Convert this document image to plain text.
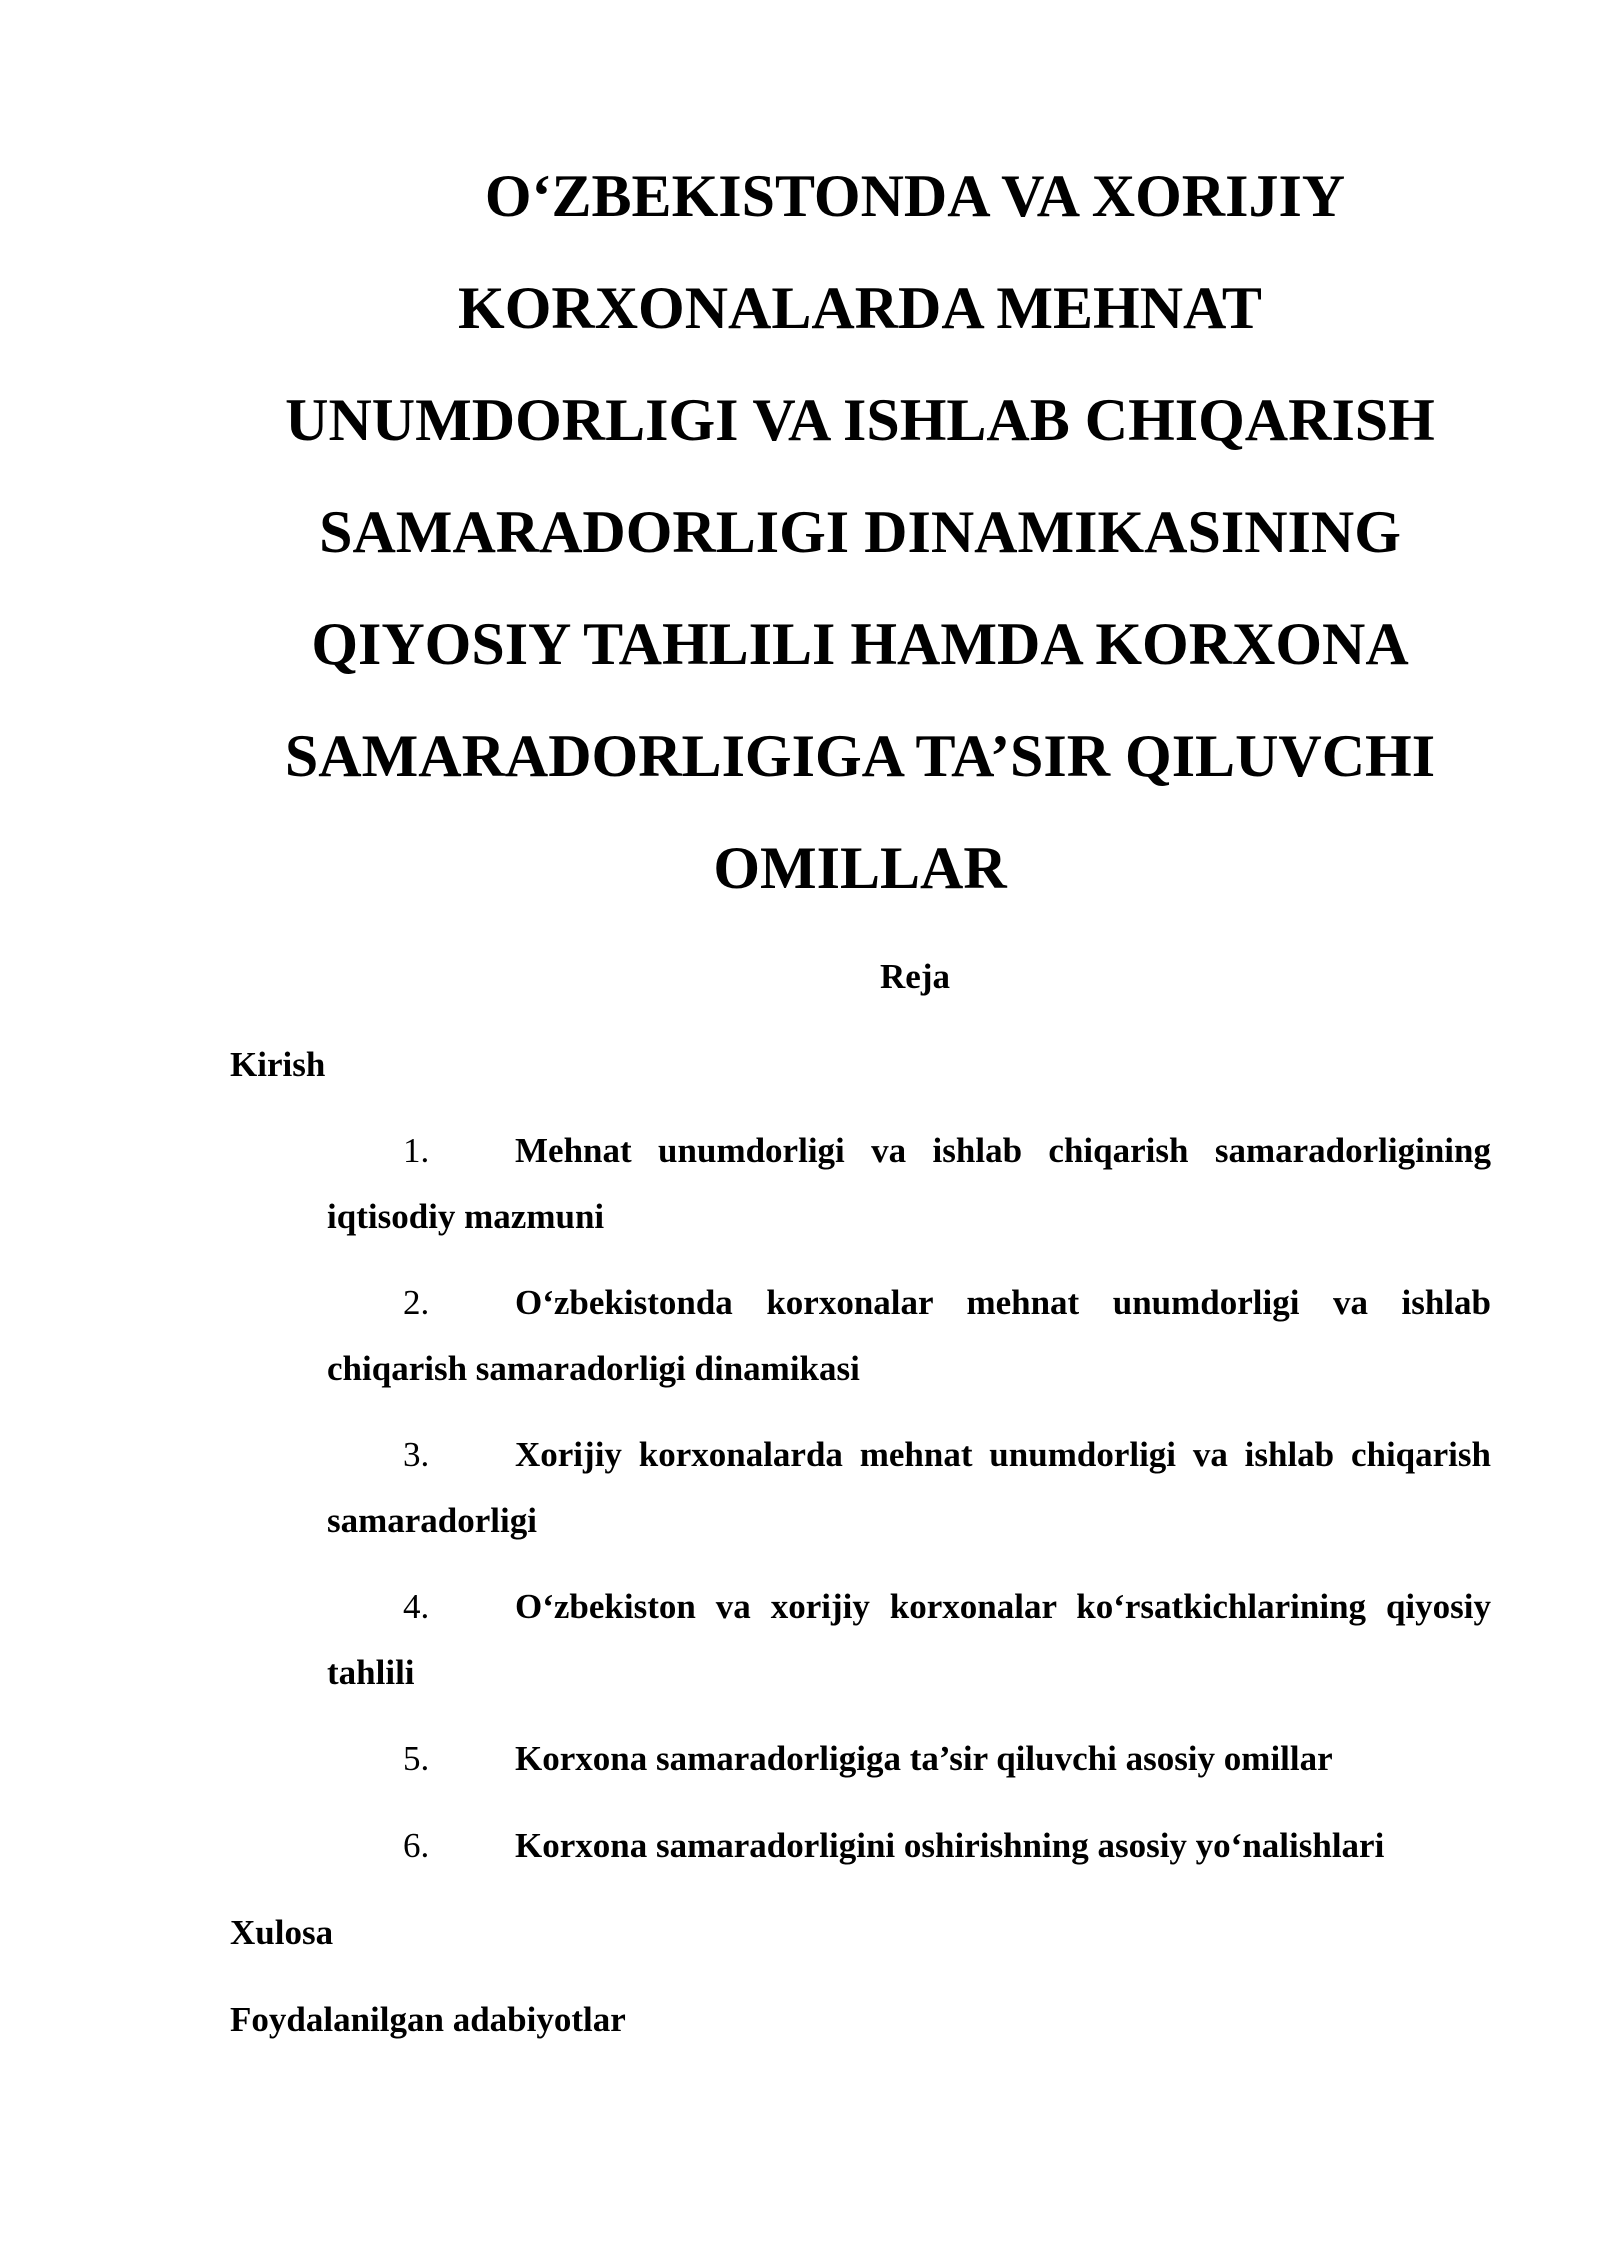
O‘ZBEKISTONDA VA XORIJIY KORXONALARDA MEHNAT UNUMDORLIGI VA ISHLAB CHIQARISH SAMARADORLIGI DINAMIKASINING QIYOSIY TAHLILI HAMDA KORXONA SAMARADORLIGIGA TA’SIR QILUVCHI OMILLAR
Reja
Kirish
1. Mehnat unumdorligi va ishlab chiqarish samaradorligining iqtisodiy mazmuni
2. O‘zbekistonda korxonalar mehnat unumdorligi va ishlab chiqarish samaradorligi dinamikasi
3. Xorijiy korxonalarda mehnat unumdorligi va ishlab chiqarish samaradorligi
4. O‘zbekiston va xorijiy korxonalar ko‘rsatkichlarining qiyosiy tahlili
5. Korxona samaradorligiga ta’sir qiluvchi asosiy omillar
6. Korxona samaradorligini oshirishning asosiy yo‘nalishlari
Xulosa
Foydalanilgan adabiyotlar
